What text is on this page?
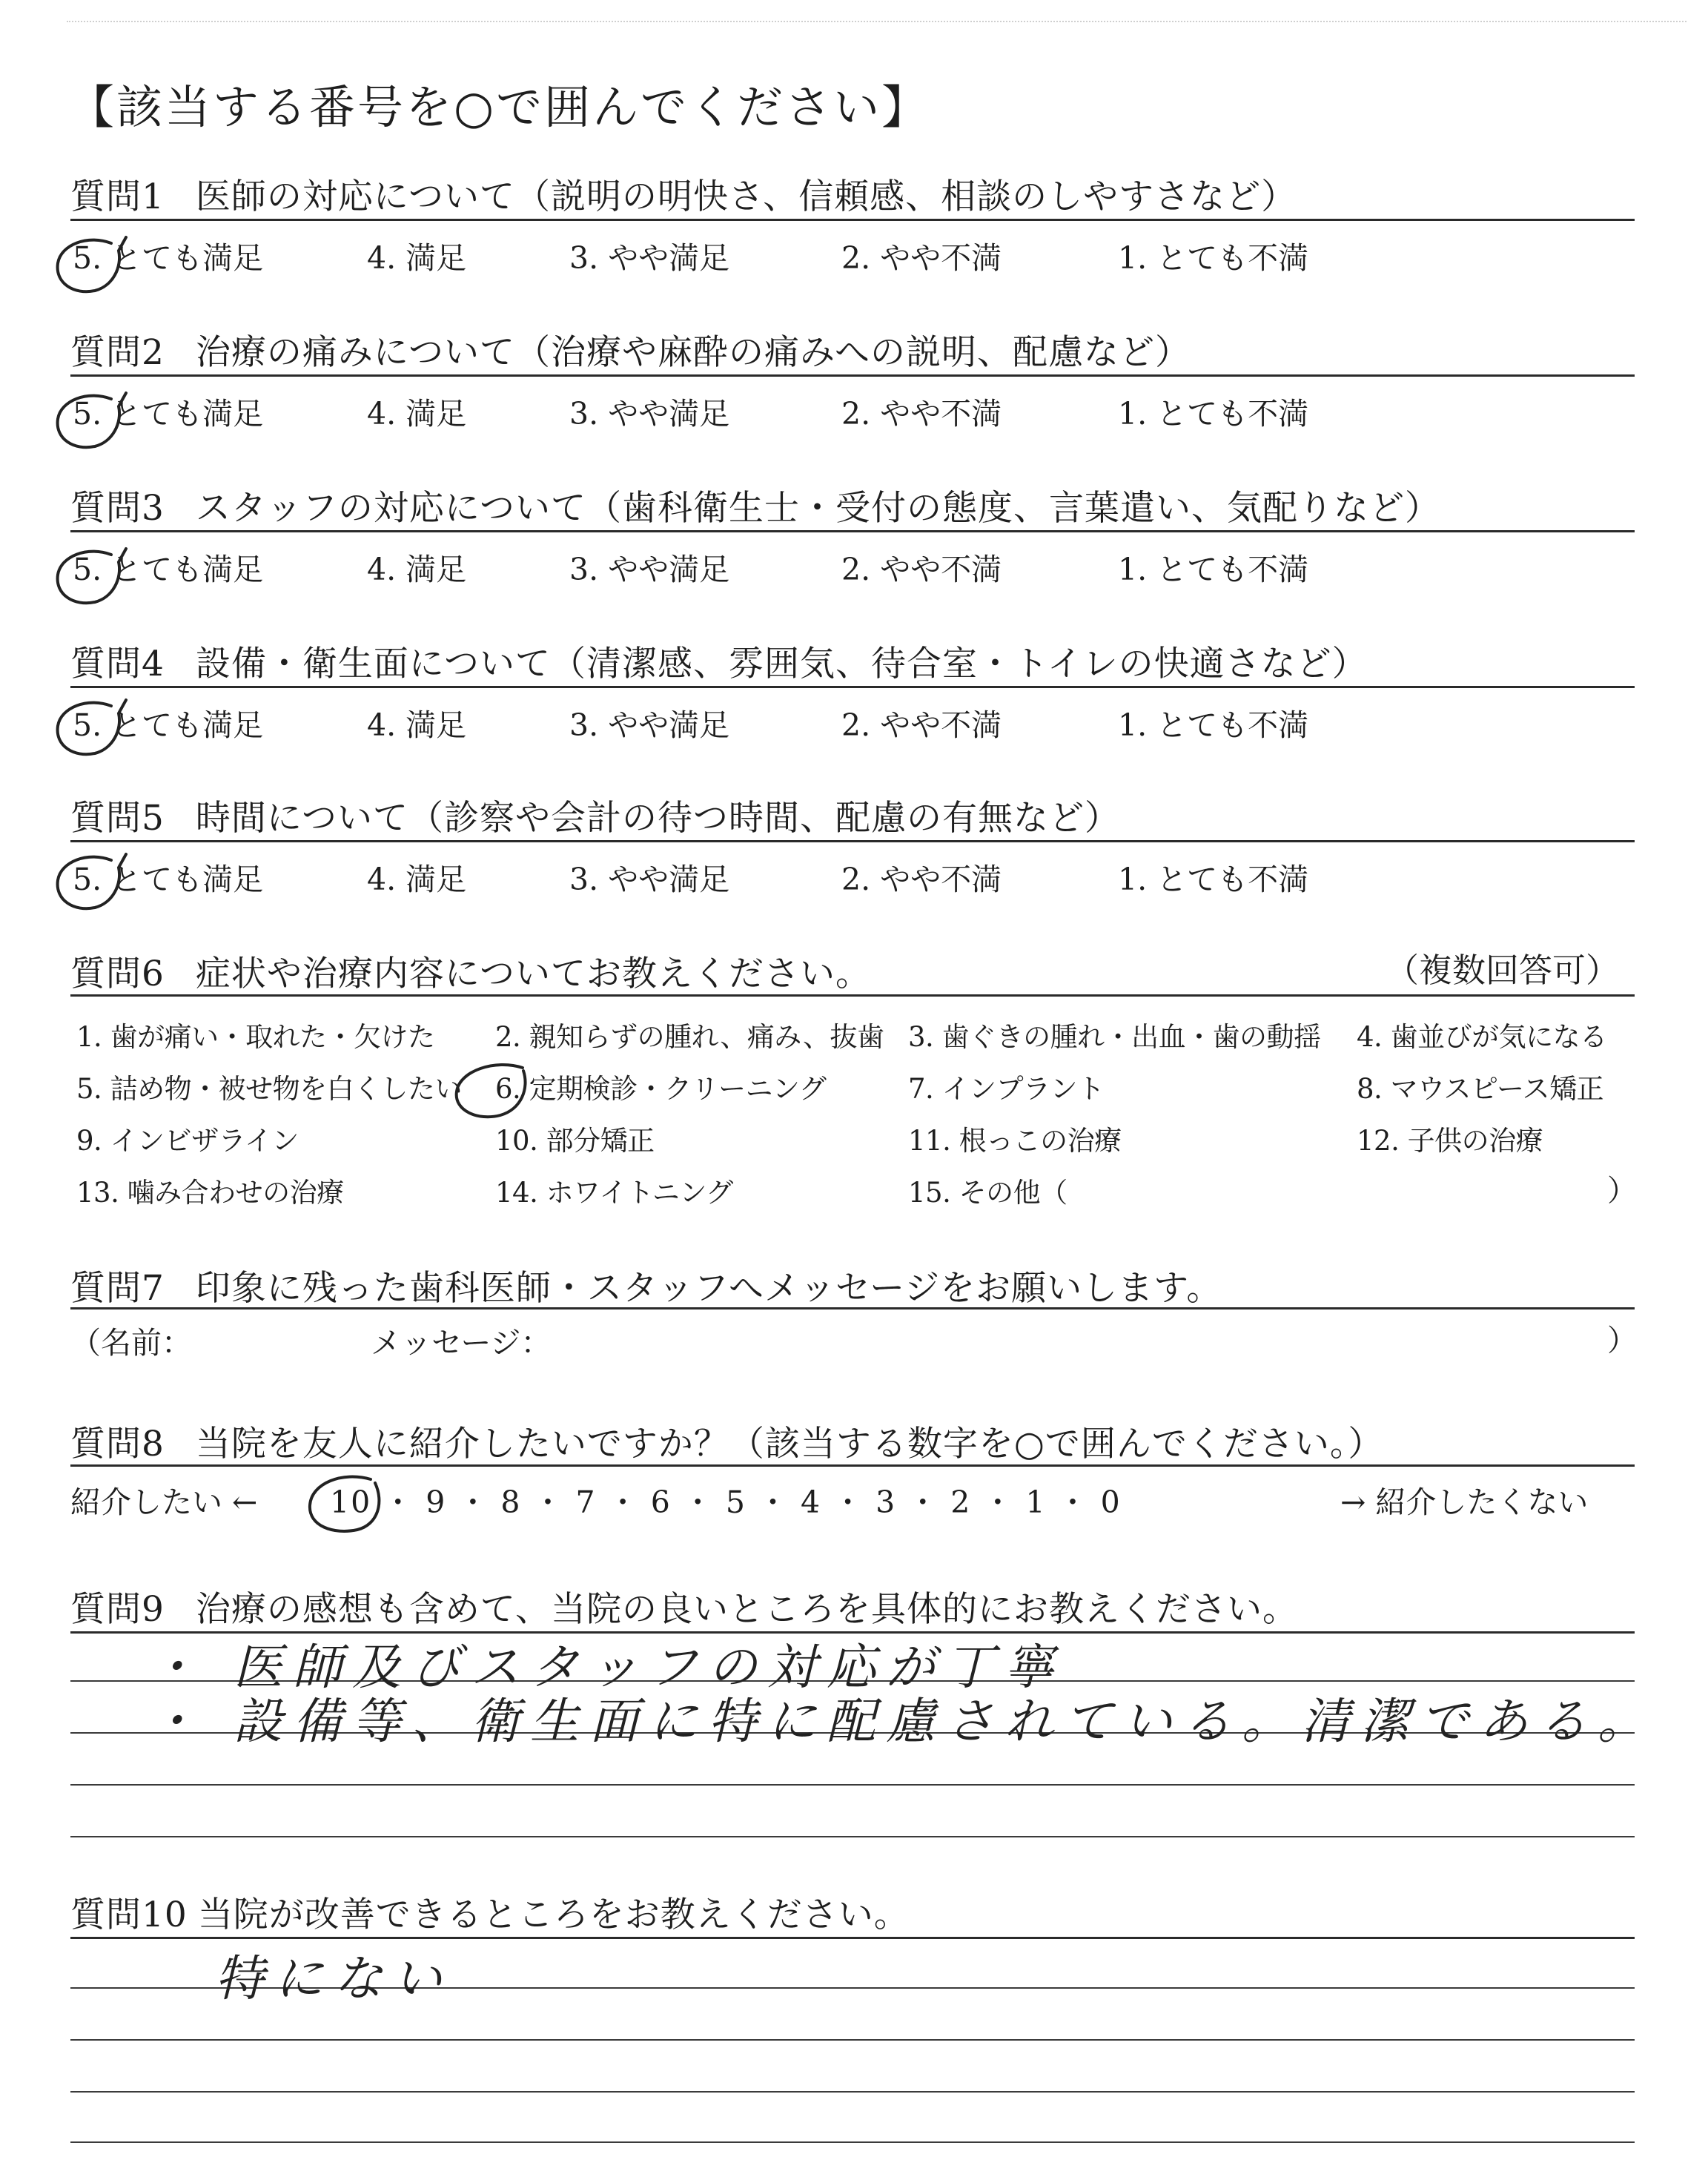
【該当する番号を○で囲んでください】
質問1 医師の対応について（説明の明快さ、信頼感、相談のしやすさなど）
5. とても満足	4. 満足	3. やや満足	2. やや不満	1. とても不満
質問2 治療の痛みについて（治療や麻酔の痛みへの説明、配慮など）
5. とても満足	4. 満足	3. やや満足	2. やや不満	1. とても不満
質問3 スタッフの対応について（歯科衛生士・受付の態度、言葉遣い、気配りなど）
5. とても満足	4. 満足	3. やや満足	2. やや不満	1. とても不満
質問4 設備・衛生面について（清潔感、雰囲気、待合室・トイレの快適さなど）
5. とても満足	4. 満足	3. やや満足	2. やや不満	1. とても不満
質問5 時間について（診察や会計の待つ時間、配慮の有無など）
5. とても満足	4. 満足	3. やや満足	2. やや不満	1. とても不満
質問6 症状や治療内容についてお教えください。	（複数回答可）
1. 歯が痛い・取れた・欠けた 2. 親知らずの腫れ、痛み、抜歯 3. 歯ぐきの腫れ・出血・歯の動揺 4. 歯並びが気になる
5. 詰め物・被せ物を白くしたい 6. 定期検診・クリーニング	7. インプラント	8. マウスピース矯正
9. インビザライン	10. 部分矯正	11. 根っこの治療	12. 子供の治療
13. 噛み合わせの治療	14. ホワイトニング	15. その他（	）
質問7 印象に残った歯科医師・スタッフへメッセージをお願いします。
（名前：	メッセージ：	）
質問8 当院を友人に紹介したいですか？（該当する数字を○で囲んでください。）
紹介したい ← 10 ・ 9 ・ 8 ・ 7 ・ 6 ・ 5 ・ 4 ・ 3 ・ 2 ・ 1 ・ 0	→ 紹介したくない
質問9 治療の感想も含めて、当院の良いところを具体的にお教えください。
・ 医師及びスタッフの対応が丁寧
・ 設備等、衛生面に特に配慮されている。清潔である。
質問10 当院が改善できるところをお教えください。
特にない
